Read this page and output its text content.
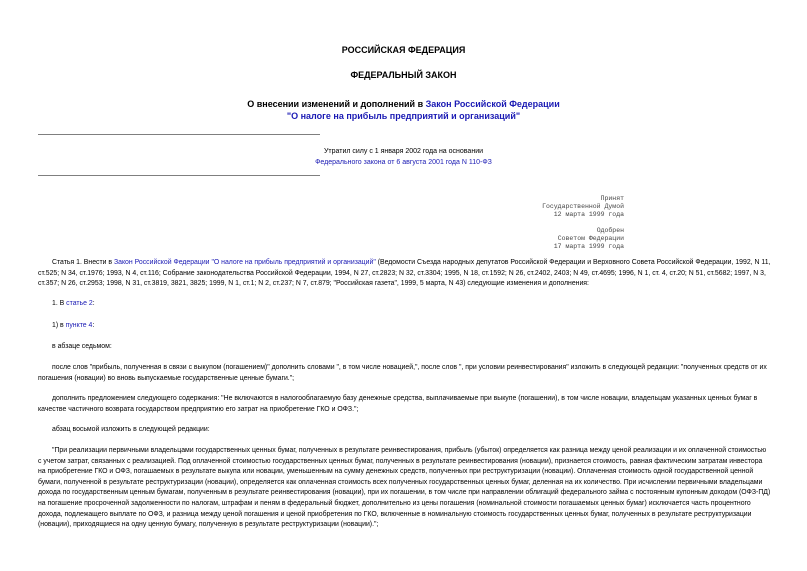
РОССИЙСКАЯ ФЕДЕРАЦИЯ
ФЕДЕРАЛЬНЫЙ ЗАКОН
О внесении изменений и дополнений в Закон Российской Федерации
"О налоге на прибыль предприятий и организаций"
Утратил силу с 1 января 2002 года на основании
Федерального закона от 6 августа 2001 года N 110-ФЗ
Принят
Государственной Думой
12 марта 1999 года
Одобрен
Советом Федерации
17 марта 1999 года

Статья 1. Внести в Закон Российской Федерации "О налоге на прибыль предприятий и организаций" (Ведомости Съезда народных депутатов Российской Федерации и Верховного Совета Российской Федерации, 1992, N 11, ст.525; N 34, ст.1976; 1993, N 4, ст.116; Собрание законодательства Российской Федерации, 1994, N 27, ст.2823; N 32, ст.3304; 1995, N 18, ст.1592; N 26, ст.2402, 2403; N 49, ст.4695; 1996, N 1, ст. 4, ст.20; N 51, ст.5682; 1997, N 3, ст.357; N 26, ст.2953; 1998, N 31, ст.3819, 3821, 3825; 1999, N 1, ст.1; N 2, ст.237; N 7, ст.879; "Российская газета", 1999, 5 марта, N 43) следующие изменения и дополнения:

1. В статье 2:

1) в пункте 4:

в абзаце седьмом:

после слов "прибыль, полученная в связи с выкупом (погашением)" дополнить словами ", в том числе новацией,", после слов ", при условии реинвестирования" изложить в следующей редакции: "полученных средств от их погашения (новации) во вновь выпускаемые государственные ценные бумаги.";

дополнить предложением следующего содержания: "Не включаются в налогооблагаемую базу денежные средства, выплачиваемые при выкупе (погашении), в том числе новации, владельцам указанных ценных бумаг в качестве частичного возврата государством предприятию его затрат на приобретение ГКО и ОФЗ.";

абзац восьмой изложить в следующей редакции:

"При реализации первичными владельцами государственных ценных бумаг, полученных в результате реинвестирования, прибыль (убыток) определяется как разница между ценой реализации и их оплаченной стоимостью с учетом затрат, связанных с реализацией. Под оплаченной стоимостью государственных ценных бумаг, полученных в результате реинвестирования (новации), признается стоимость, равная фактическим затратам инвестора на приобретение ГКО и ОФЗ, погашаемых в результате выкупа или новации, уменьшенным на сумму денежных средств, полученных при реструктуризации (новации). Оплаченная стоимость одной государственной ценной бумаги, полученной в результате реструктуризации (новации), определяется как оплаченная стоимость всех полученных государственных ценных бумаг, деленная на их количество. При исчислении первичными владельцами дохода по государственным ценным бумагам, полученным в результате реинвестирования (новации), при их погашении, в том числе при направлении облигаций федерального займа с постоянным купонным доходом (ОФЗ-ПД) на погашение просроченной задолженности по налогам, штрафам и пеням в федеральный бюджет, дополнительно из цены погашения (номинальной стоимости погашаемых ценных бумаг) исключается часть процентного дохода, подлежащего выплате по ОФЗ, и разница между ценой погашения и ценой приобретения по ГКО, включенные в номинальную стоимость государственных ценных бумаг, полученных в результате реструктуризации (новации), приходящиеся на одну ценную бумагу, полученную в результате реструктуризации (новации).";
